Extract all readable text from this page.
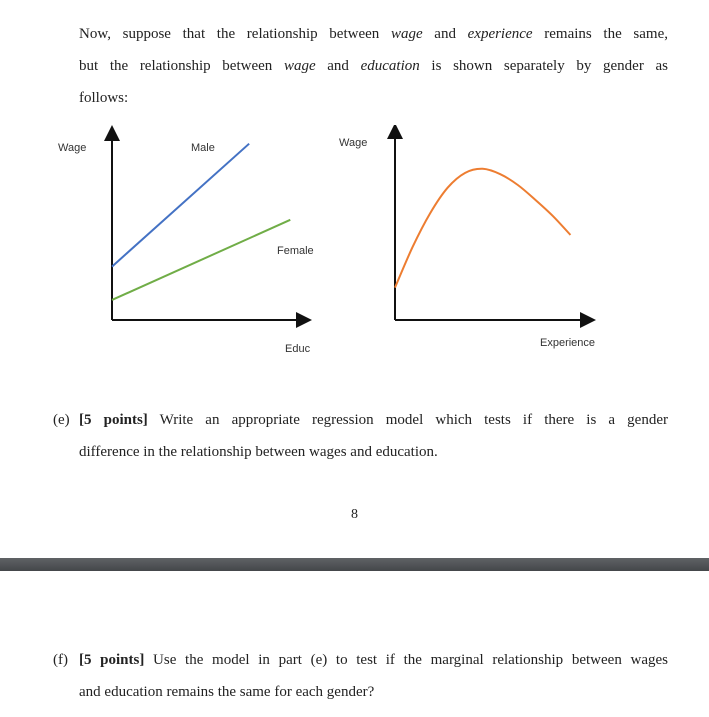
Now, suppose that the relationship between wage and experience remains the same,
but the relationship between wage and education is shown separately by gender as
follows:
Wage
Educ
Male
Female
Wage
Experience
(e) [5 points] Write an appropriate regression model which tests if there is a gender
difference in the relationship between wages and education.
8
(f) [5 points] Use the model in part (e) to test if the marginal relationship between wages
and education remains the same for each gender?
